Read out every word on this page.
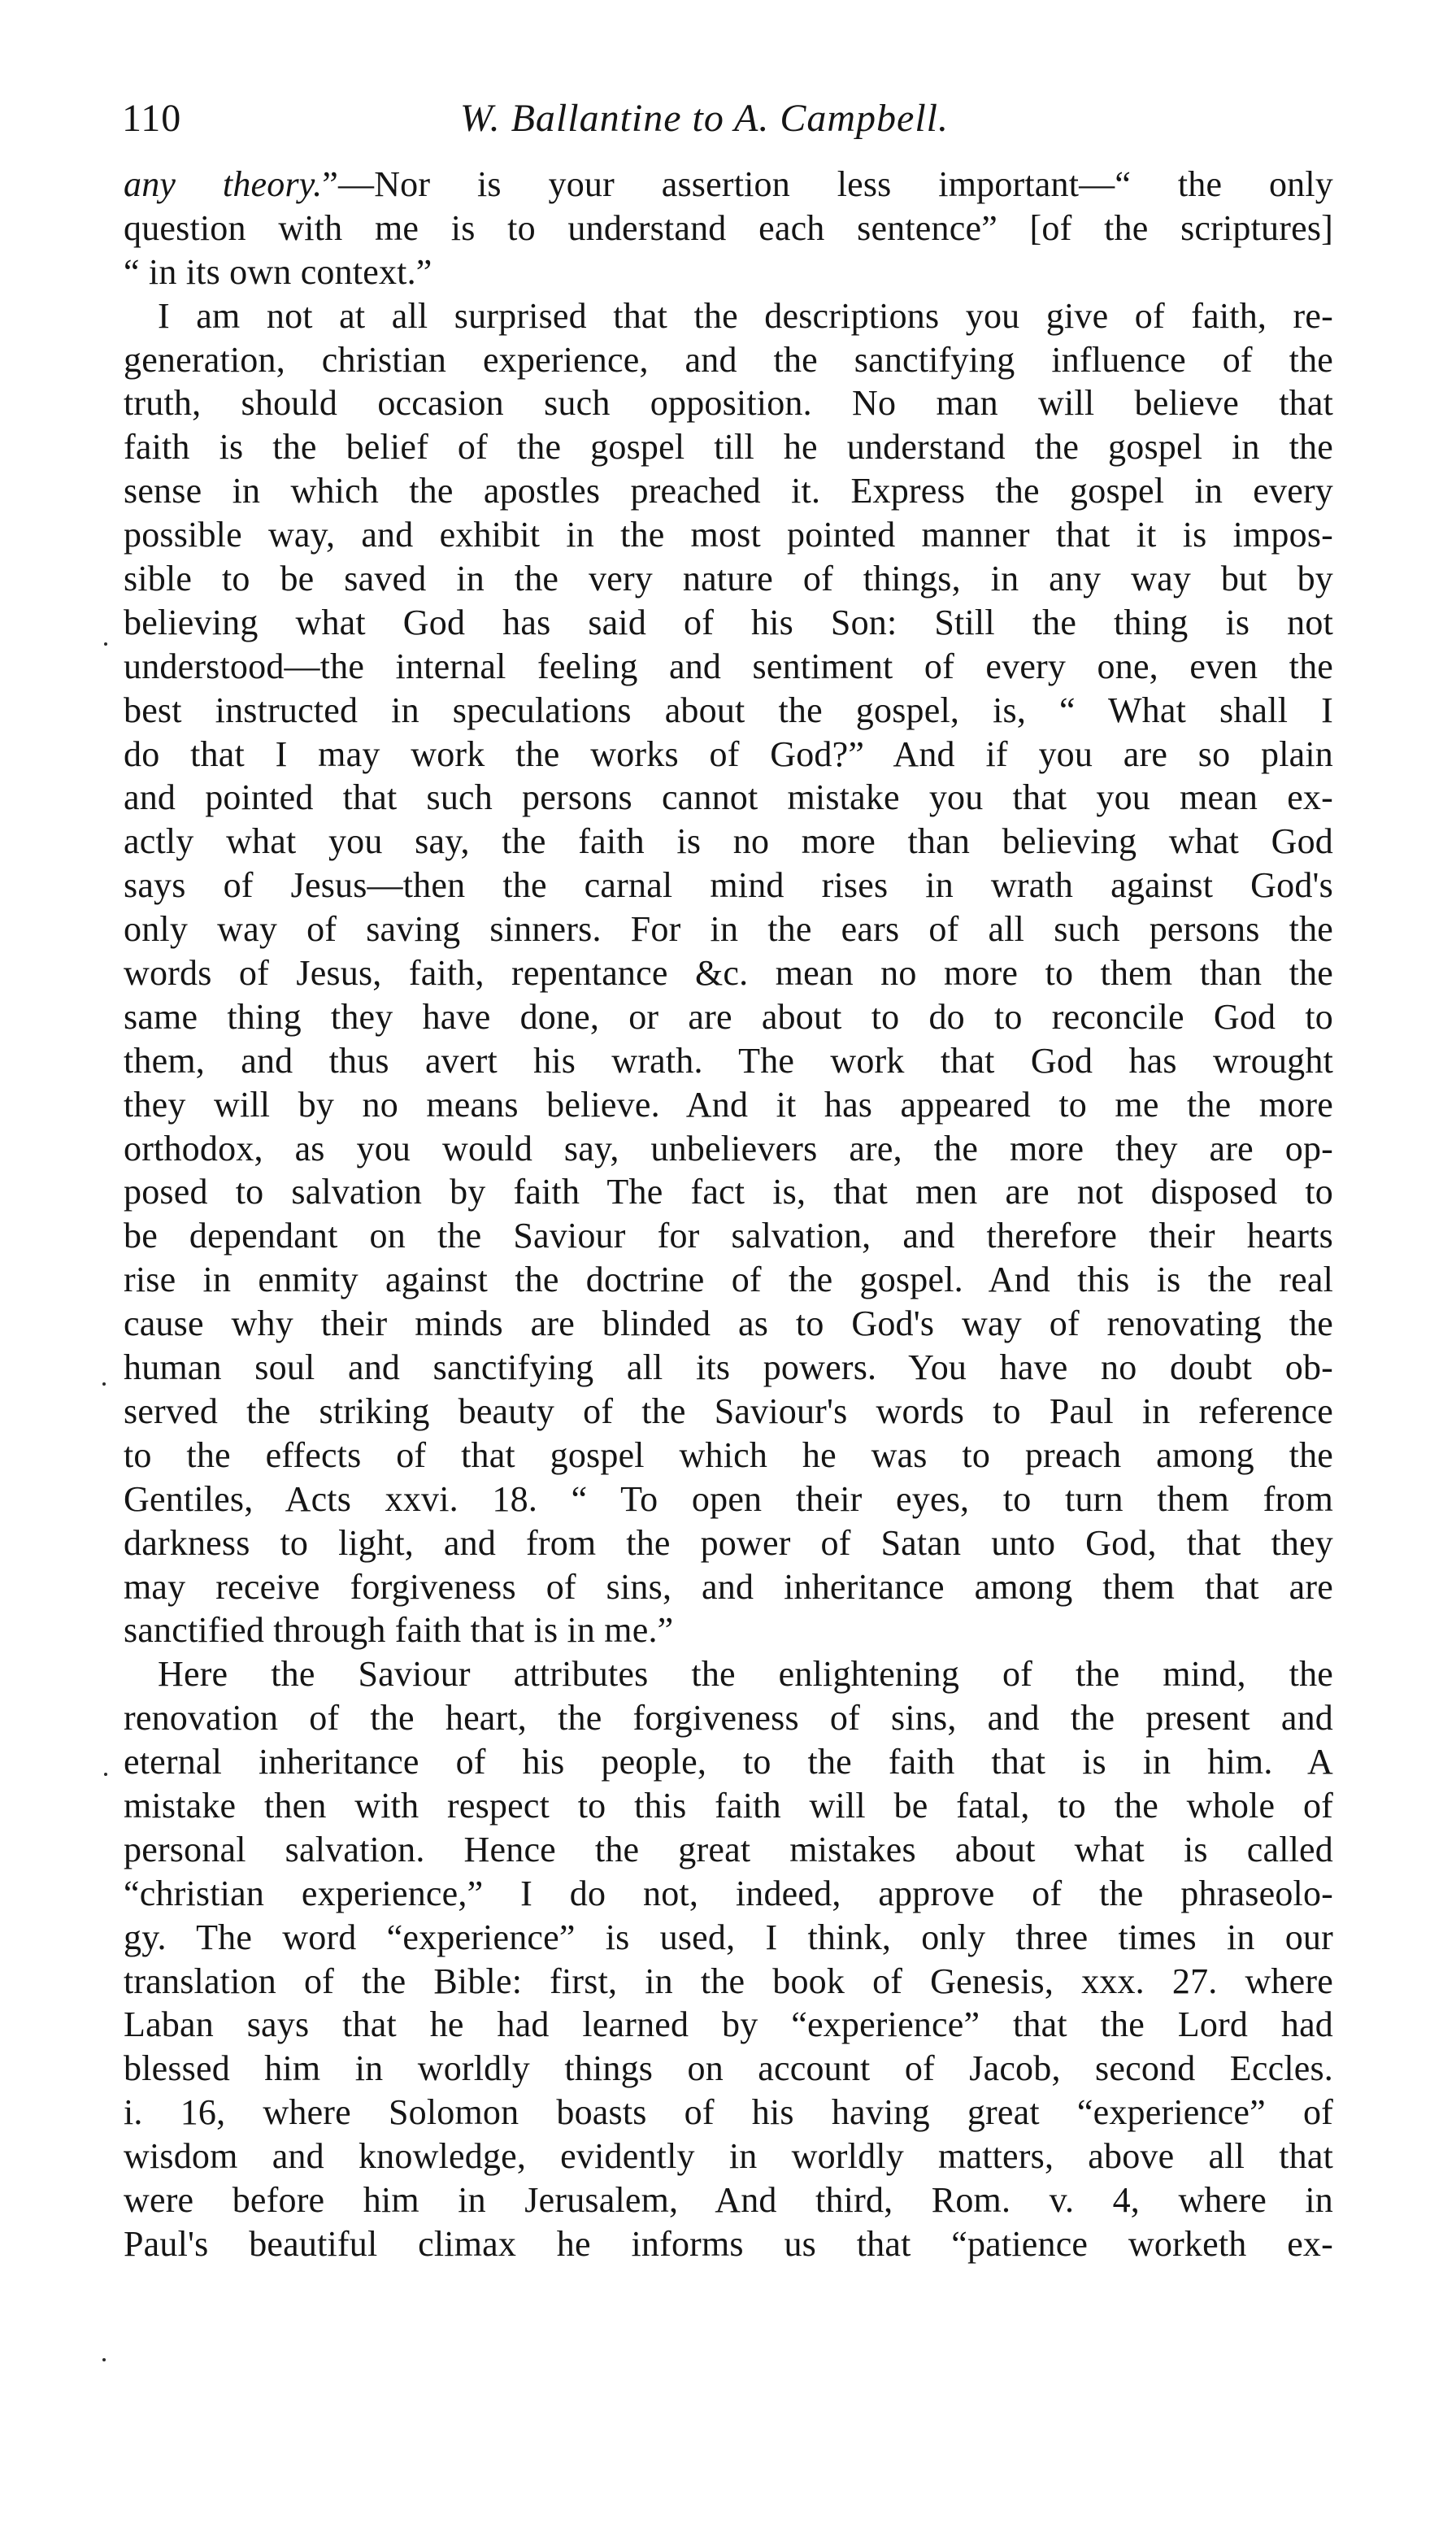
110	W. Ballantine to A. Campbell.
any theory.”—Nor is your assertion less important—“ the only
question with me is to understand each sentence” [of the scriptures]
“ in its own context.”
I am not at all surprised that the descriptions you give of faith, re-
generation, christian experience, and the sanctifying influence of the
truth, should occasion such opposition. No man will believe that
faith is the belief of the gospel till he understand the gospel in the
sense in which the apostles preached it. Express the gospel in every
possible way, and exhibit in the most pointed manner that it is impos-
sible to be saved in the very nature of things, in any way but by
believing what God has said of his Son: Still the thing is not
understood—the internal feeling and sentiment of every one, even the
best instructed in speculations about the gospel, is, “ What shall I
do that I may work the works of God?” And if you are so plain
and pointed that such persons cannot mistake you that you mean ex-
actly what you say, the faith is no more than believing what God
says of Jesus—then the carnal mind rises in wrath against God's
only way of saving sinners. For in the ears of all such persons the
words of Jesus, faith, repentance &c. mean no more to them than the
same thing they have done, or are about to do to reconcile God to
them, and thus avert his wrath. The work that God has wrought
they will by no means believe. And it has appeared to me the more
orthodox, as you would say, unbelievers are, the more they are op-
posed to salvation by faith The fact is, that men are not disposed to
be dependant on the Saviour for salvation, and therefore their hearts
rise in enmity against the doctrine of the gospel. And this is the real
cause why their minds are blinded as to God's way of renovating the
human soul and sanctifying all its powers. You have no doubt ob-
served the striking beauty of the Saviour's words to Paul in reference
to the effects of that gospel which he was to preach among the
Gentiles, Acts xxvi. 18. “ To open their eyes, to turn them from
darkness to light, and from the power of Satan unto God, that they
may receive forgiveness of sins, and inheritance among them that are
sanctified through faith that is in me.”
Here the Saviour attributes the enlightening of the mind, the
renovation of the heart, the forgiveness of sins, and the present and
eternal inheritance of his people, to the faith that is in him. A
mistake then with respect to this faith will be fatal, to the whole of
personal salvation. Hence the great mistakes about what is called
“christian experience,” I do not, indeed, approve of the phraseolo-
gy. The word “experience” is used, I think, only three times in our
translation of the Bible: first, in the book of Genesis, xxx. 27. where
Laban says that he had learned by “experience” that the Lord had
blessed him in worldly things on account of Jacob, second Eccles.
i. 16, where Solomon boasts of his having great “experience” of
wisdom and knowledge, evidently in worldly matters, above all that
were before him in Jerusalem, And third, Rom. v. 4, where in
Paul's beautiful climax he informs us that “patience worketh ex-
